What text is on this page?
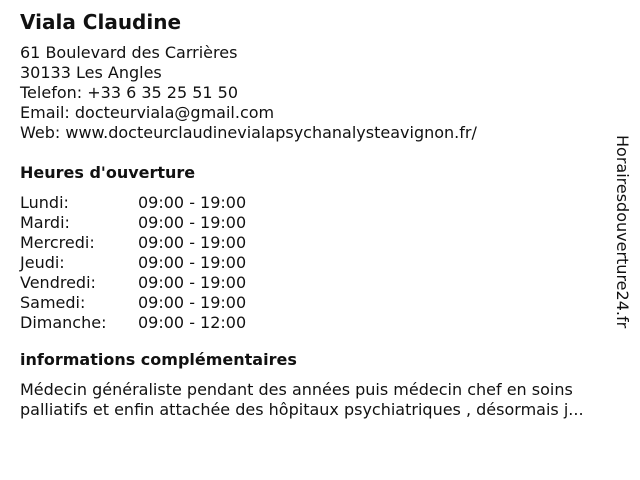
Viala Claudine
61 Boulevard des Carrières
30133 Les Angles
Telefon: +33 6 35 25 51 50
Email: docteurviala@gmail.com
Web: www.docteurclaudinevialapsychanalysteavignon.fr/
Heures d'ouverture
Lundi:	09:00 - 19:00
Mardi:	09:00 - 19:00
Mercredi:	09:00 - 19:00
Jeudi:	09:00 - 19:00
Vendredi:	09:00 - 19:00
Samedi:	09:00 - 19:00
Dimanche: 09:00 - 12:00
informations complémentaires
Médecin généraliste pendant des années puis médecin chef en soins
palliatifs et enfin attachée des hôpitaux psychiatriques , désormais j...
Horairesdouverture24.fr
